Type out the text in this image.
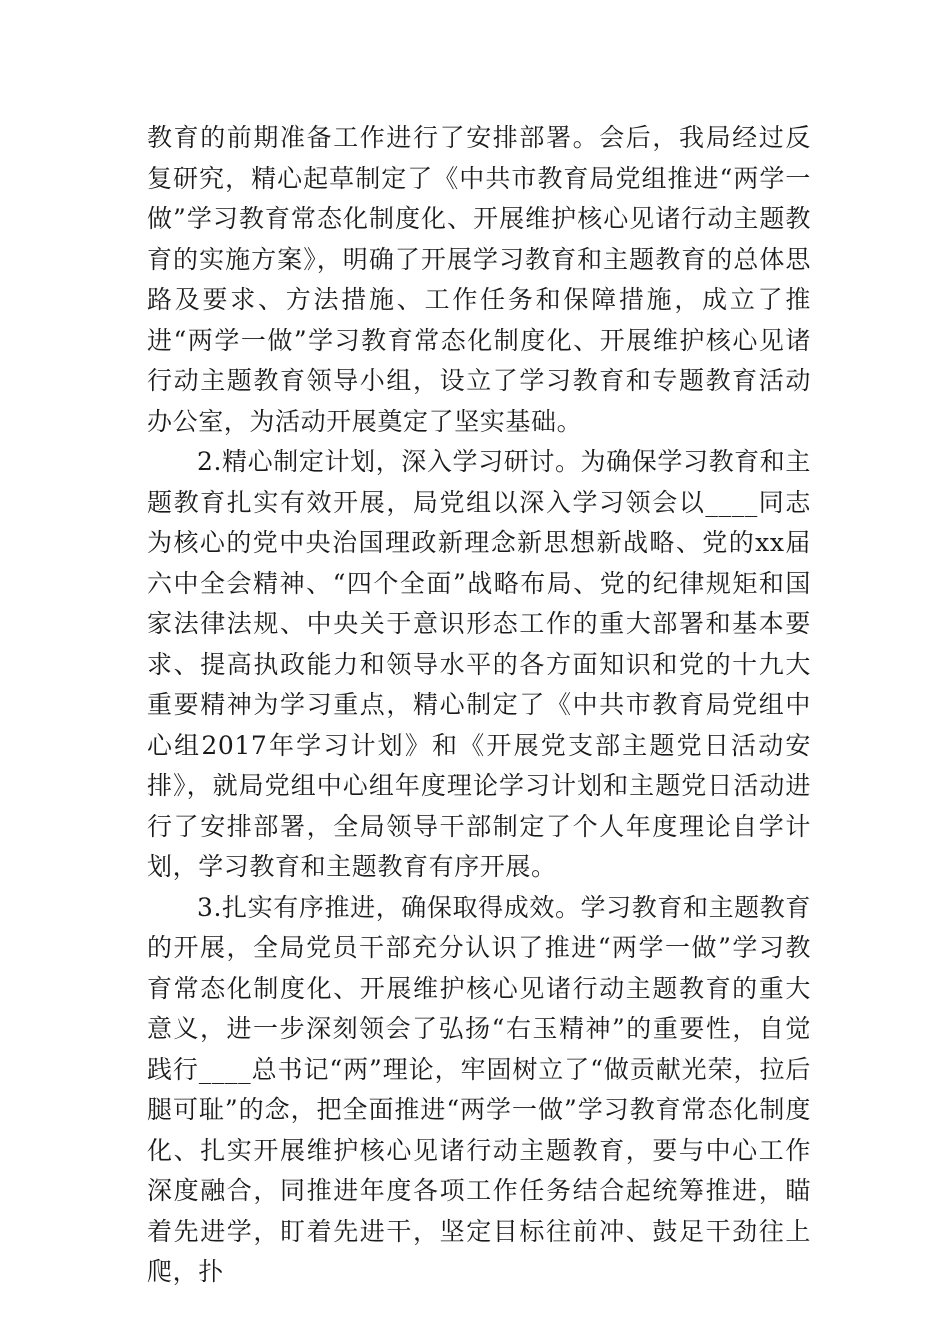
教育的前期准备工作进行了安排部署。会后，我局经过反复研究，精心起草制定了《中共市教育局党组推进“两学一做”学习教育常态化制度化、开展维护核心见诸行动主题教育的实施方案》，明确了开展学习教育和主题教育的总体思路及要求、方法措施、工作任务和保障措施，成立了推进“两学一做”学习教育常态化制度化、开展维护核心见诸行动主题教育领导小组，设立了学习教育和专题教育活动办公室，为活动开展奠定了坚实基础。

2.精心制定计划，深入学习研讨。为确保学习教育和主题教育扎实有效开展，局党组以深入学习领会以____同志为核心的党中央治国理政新理念新思想新战略、党的xx届六中全会精神、“四个全面”战略布局、党的纪律规矩和国家法律法规、中央关于意识形态工作的重大部署和基本要求、提高执政能力和领导水平的各方面知识和党的十九大重要精神为学习重点，精心制定了《中共市教育局党组中心组2017年学习计划》和《开展党支部主题党日活动安排》，就局党组中心组年度理论学习计划和主题党日活动进行了安排部署，全局领导干部制定了个人年度理论自学计划，学习教育和主题教育有序开展。

3.扎实有序推进，确保取得成效。学习教育和主题教育的开展，全局党员干部充分认识了推进“两学一做”学习教育常态化制度化、开展维护核心见诸行动主题教育的重大意义，进一步深刻领会了弘扬“右玉精神”的重要性，自觉践行____总书记“两”理论，牢固树立了“做贡献光荣，拉后腿可耻”的念，把全面推进“两学一做”学习教育常态化制度化、扎实开展维护核心见诸行动主题教育，要与中心工作深度融合，同推进年度各项工作任务结合起统筹推进，瞄着先进学，盯着先进干，坚定目标往前冲、鼓足干劲往上爬，扑
